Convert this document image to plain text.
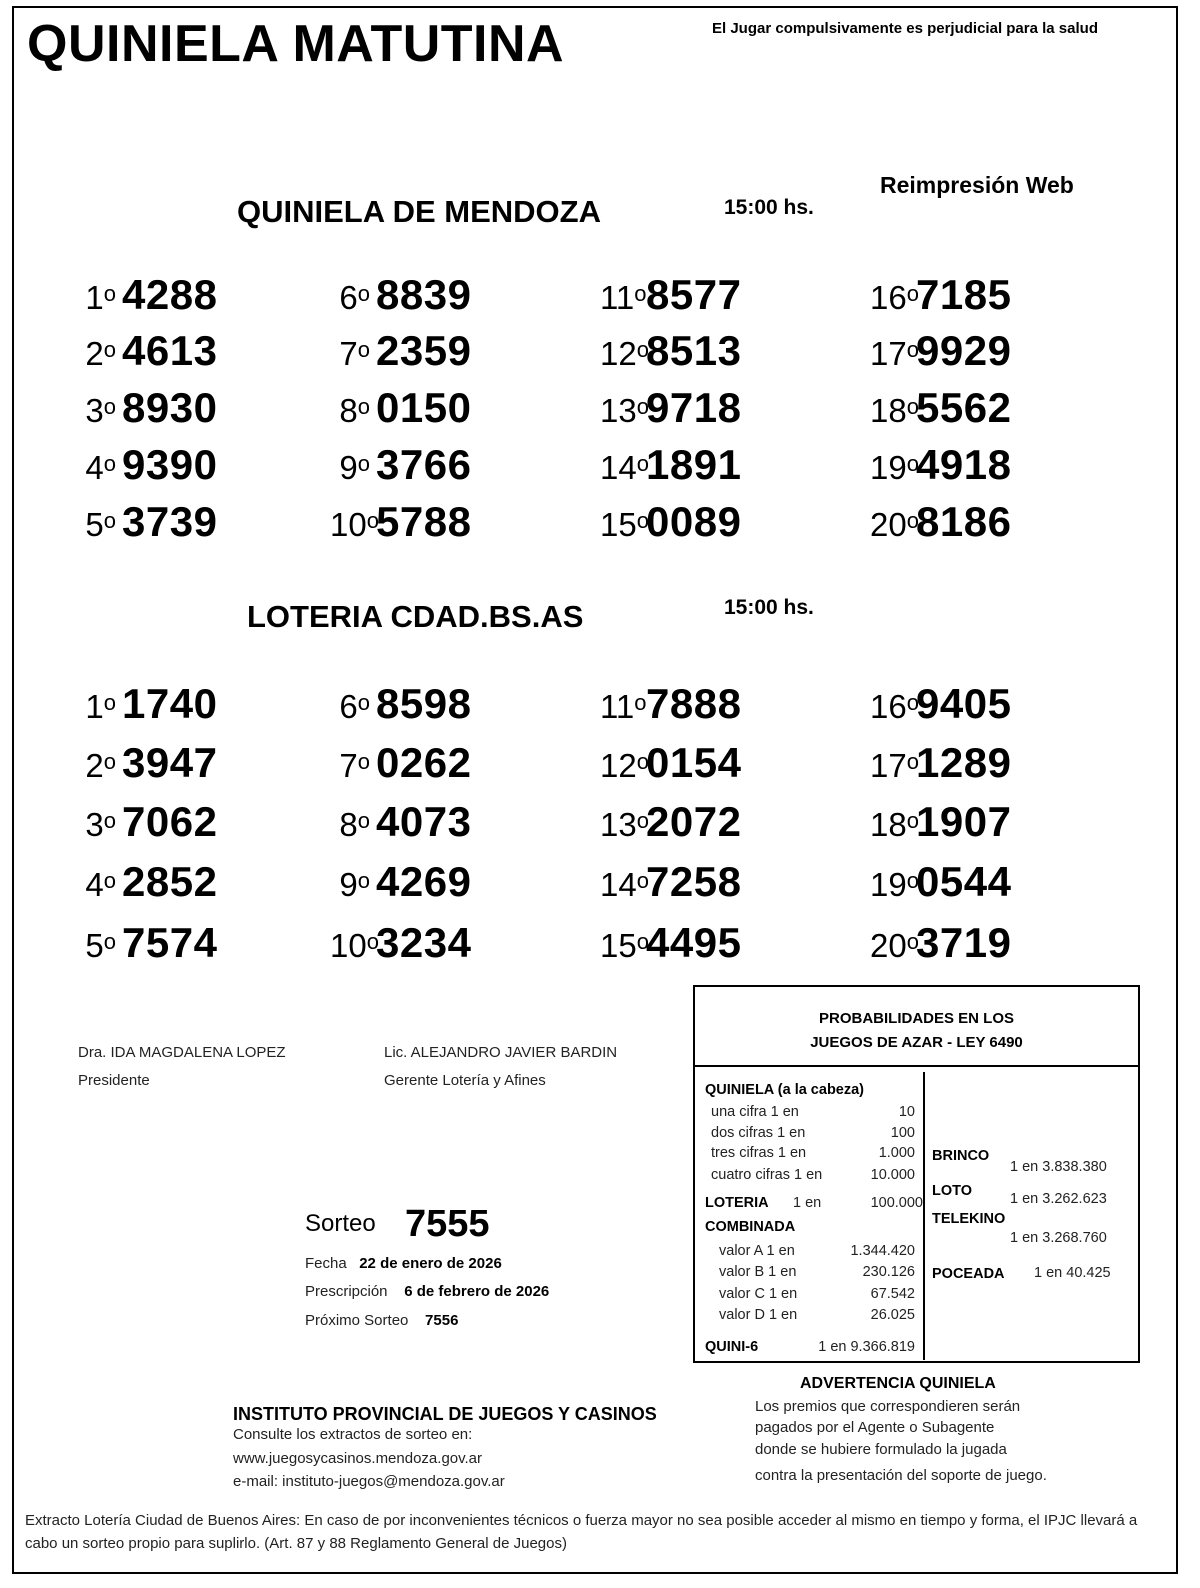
QUINIELA MATUTINA	El Jugar compulsivamente es perjudicial para la salud
Reimpresión Web
QUINIELA DE MENDOZA	15:00 hs.
1$^o$ 4288
2$^o$ 4613
3$^o$ 8930
4$^o$ 9390
5$^o$ 3739
6$^o$ 8839
7$^o$ 2359
8$^o$ 0150
9$^o$ 3766
10$^o$5788
11$^o$8577
12$^o$8513
13$^o$9718
14$^o$1891
15$^o$0089
16$^o$7185
17$^o$9929
18$^o$5562
19$^o$4918
20$^o$8186
LOTERIA CDAD.BS.AS	15:00 hs.
1$^o$ 1740
2$^o$ 3947
3$^o$ 7062
4$^o$ 2852
5$^o$ 7574
6$^o$ 8598
7$^o$ 0262
8$^o$ 4073
9$^o$ 4269
10$^o$3234
11$^o$7888
12$^o$0154
13$^o$2072
14$^o$7258
15$^o$4495
16$^o$9405
17$^o$1289
18$^o$1907
19$^o$0544
20$^o$3719
Dra. IDA MAGDALENA LOPEZ
Presidente
Lic. ALEJANDRO JAVIER BARDIN
Gerente Lotería y Afines
Sorteo 7555
Fecha 22 de enero de 2026
Prescripción 6 de febrero de 2026
Próximo Sorteo 7556
PROBABILIDADES EN LOS
JUEGOS DE AZAR - LEY 6490
QUINIELA (a la cabeza)
una cifra 1 en	10
dos cifras 1 en	100
tres cifras 1 en	1.000
cuatro cifras 1 en	10.000
LOTERIA 1 en	100.000
COMBINADA
valor A 1 en	1.344.420
valor B 1 en	230.126
valor C 1 en	67.542
valor D 1 en	26.025
QUINI-6	1 en 9.366.819
BRINCO
1 en 3.838.380
LOTO	1 en 3.262.623
TELEKINO
1 en 3.268.760
POCEADA 1 en 40.425
INSTITUTO PROVINCIAL DE JUEGOS Y CASINOS
Consulte los extractos de sorteo en:
www.juegosycasinos.mendoza.gov.ar
e-mail: instituto-juegos@mendoza.gov.ar
ADVERTENCIA QUINIELA
Los premios que correspondieren serán
pagados por el Agente o Subagente
donde se hubiere formulado la jugada
contra la presentación del soporte de juego.
Extracto Lotería Ciudad de Buenos Aires: En caso de por inconvenientes técnicos o fuerza mayor no sea posible acceder al mismo en tiempo y forma, el IPJC llevará a cabo un sorteo propio para suplirlo. (Art. 87 y 88 Reglamento General de Juegos)
